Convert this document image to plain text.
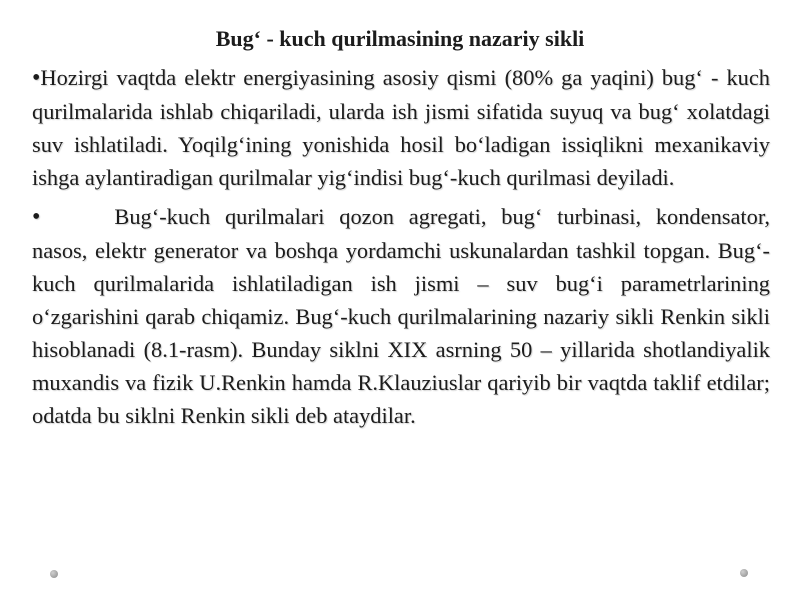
Bug‘ - kuch qurilmasining nazariy sikli

•Hozirgi vaqtda elektr energiyasining asosiy qismi (80% ga yaqini) bug‘ - kuch qurilmalarida ishlab chiqariladi, ularda ish jismi sifatida suyuq va bug‘ xolatdagi suv ishlatiladi. Yoqilg‘ining yonishida hosil bo‘ladigan issiqlikni mexanikaviy ishga aylantiradigan qurilmalar yig‘indisi bug‘-kuch qurilmasi deyiladi.

•	Bug‘-kuch qurilmalari qozon agregati, bug‘ turbinasi, kondensator, nasos, elektr generator va boshqa yordamchi uskunalardan tashkil topgan. Bug‘-kuch qurilmalarida ishlatiladigan ish jismi – suv bug‘i parametrlarining o‘zgarishini qarab chiqamiz. Bug‘-kuch qurilmalarining nazariy sikli Renkin sikli hisoblanadi (8.1-rasm). Bunday siklni XIX asrning 50 – yillarida shotlandiyalik muxandis va fizik U.Renkin hamda R.Klauziuslar qariyib bir vaqtda taklif etdilar; odatda bu siklni Renkin sikli deb ataydilar.
